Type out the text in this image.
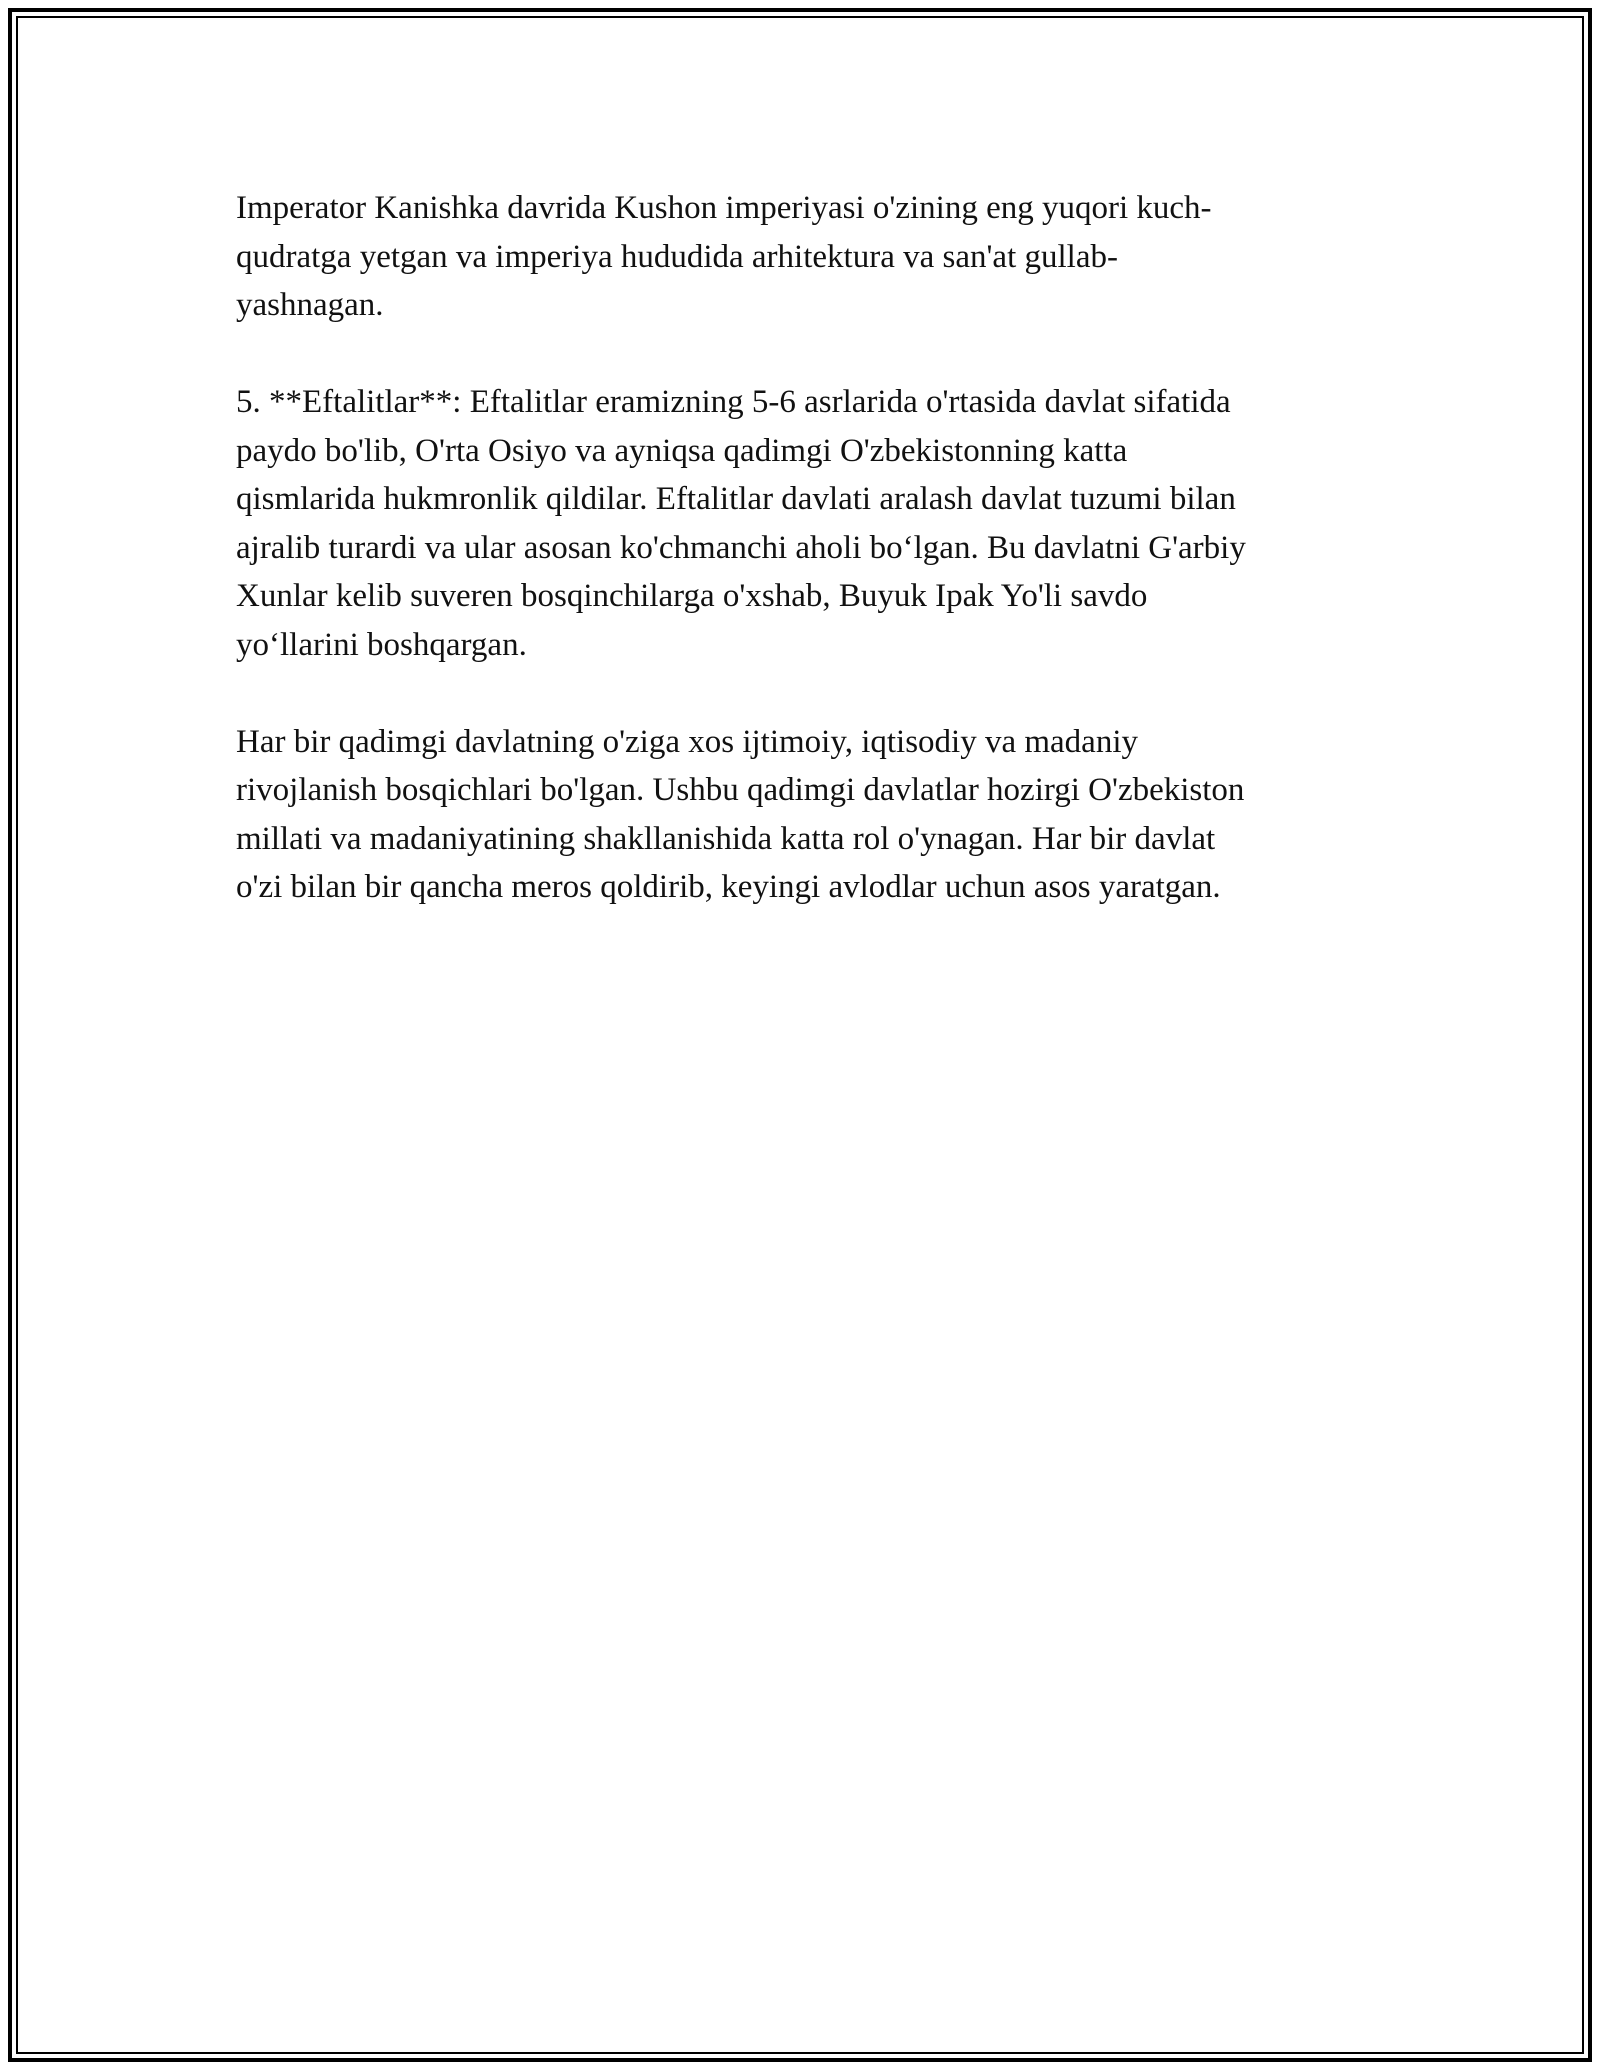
Imperator Kanishka davrida Kushon imperiyasi o'zining eng yuqori kuch-
qudratga yetgan va imperiya hududida arhitektura va san'at gullab-
yashnagan.

5. **Eftalitlar**: Eftalitlar eramizning 5-6 asrlarida o'rtasida davlat sifatida
paydo bo'lib, O'rta Osiyo va ayniqsa qadimgi O'zbekistonning katta
qismlarida hukmronlik qildilar. Eftalitlar davlati aralash davlat tuzumi bilan
ajralib turardi va ular asosan ko'chmanchi aholi bo‘lgan. Bu davlatni G'arbiy
Xunlar kelib suveren bosqinchilarga o'xshab, Buyuk Ipak Yo'li savdo
yo‘llarini boshqargan.

Har bir qadimgi davlatning o'ziga xos ijtimoiy, iqtisodiy va madaniy
rivojlanish bosqichlari bo'lgan. Ushbu qadimgi davlatlar hozirgi O'zbekiston
millati va madaniyatining shakllanishida katta rol o'ynagan. Har bir davlat
o'zi bilan bir qancha meros qoldirib, keyingi avlodlar uchun asos yaratgan.
